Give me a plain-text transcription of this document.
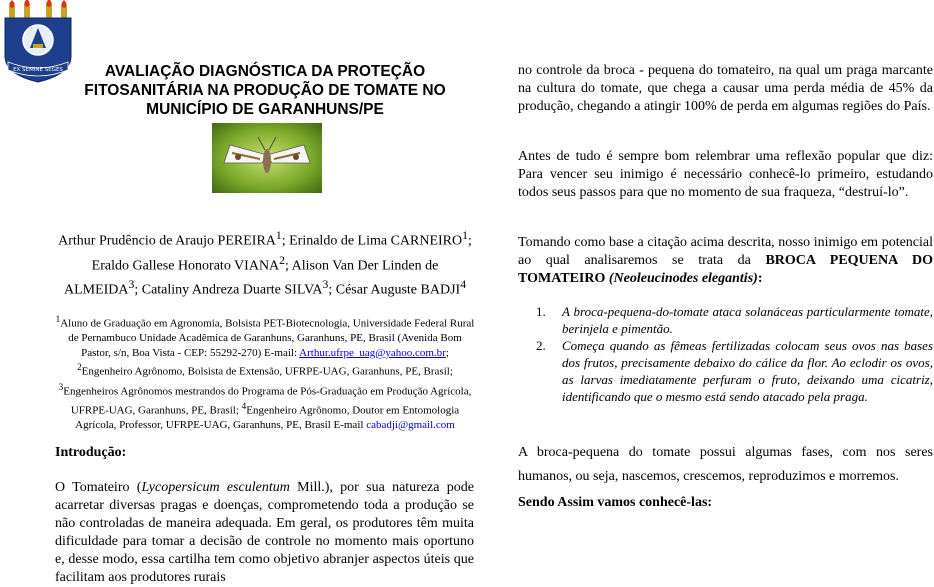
EX SEMINE SEGES	AVALIAÇÃO DIAGNÓSTICA DA PROTEÇÃO FITOSANITÁRIA NA PRODUÇÃO DE TOMATE NO MUNICÍPIO DE GARANHUNS/PE
Arthur Prudêncio de Araujo PEREIRA$^1$; Erinaldo de Lima CARNEIRO$^1$; Eraldo Gallese Honorato VIANA$^2$; Alison Van Der Linden de ALMEIDA$^3$; Cataliny Andreza Duarte SILVA$^3$; César Auguste BADJI$^4$
$^1$Aluno de Graduação em Agronomia, Bolsista PET-Biotecnologia, Universidade Federal Rural de Pernambuco Unidade Acadêmica de Garanhuns, Garanhuns, PE, Brasil (Avenida Bom Pastor, s/n, Boa Vista - CEP: 55292-270) E-mail: Arthur.ufrpe_uag@yahoo.com.br; $^2$Engenheiro Agrônomo, Bolsista de Extensão, UFRPE-UAG, Garanhuns, PE, Brasil; $^3$Engenheiros Agrônomos mestrandos do Programa de Pós-Graduação em Produção Agrícola, UFRPE-UAG, Garanhuns, PE, Brasil; $^4$Engenheiro Agrônomo, Doutor em Entomologia Agrícola, Professor, UFRPE-UAG, Garanhuns, PE, Brasil E-mail cabadji@gmail.com
Introdução:
O Tomateiro (Lycopersicum esculentum Mill.), por sua natureza pode acarretar diversas pragas e doenças, comprometendo toda a produção se não controladas de maneira adequada. Em geral, os produtores têm muita dificuldade para tomar a decisão de controle no momento mais oportuno e, desse modo, essa cartilha tem como objetivo abranjer aspectos úteis que facilitam aos produtores rurais
no controle da broca - pequena do tomateiro, na qual um praga marcante na cultura do tomate, que chega a causar uma perda média de 45% da produção, chegando a atingir 100% de perda em algumas regiões do País.
Antes de tudo é sempre bom relembrar uma reflexão popular que diz: Para vencer seu inimigo é necessário conhecê-lo primeiro, estudando todos seus passos para que no momento de sua fraqueza, “destruí-lo”.
Tomando como base a citação acima descrita, nosso inimigo em potencial ao qual analisaremos se trata da BROCA PEQUENA DO TOMATEIRO (Neoleucinodes elegantis):
1. A broca-pequena-do-tomate ataca solanáceas particularmente tomate, berinjela e pimentão.
2. Começa quando as fêmeas fertilizadas colocam seus ovos nas bases dos frutos, precisamente debaixo do cálice da flor. Ao eclodir os ovos, as larvas imediatamente perfuram o fruto, deixando uma cicatriz, identificando que o mesmo está sendo atacado pela praga.
A broca-pequena do tomate possui algumas fases, com nos seres humanos, ou seja, nascemos, crescemos, reproduzimos e morremos.
Sendo Assim vamos conhecê-las:
